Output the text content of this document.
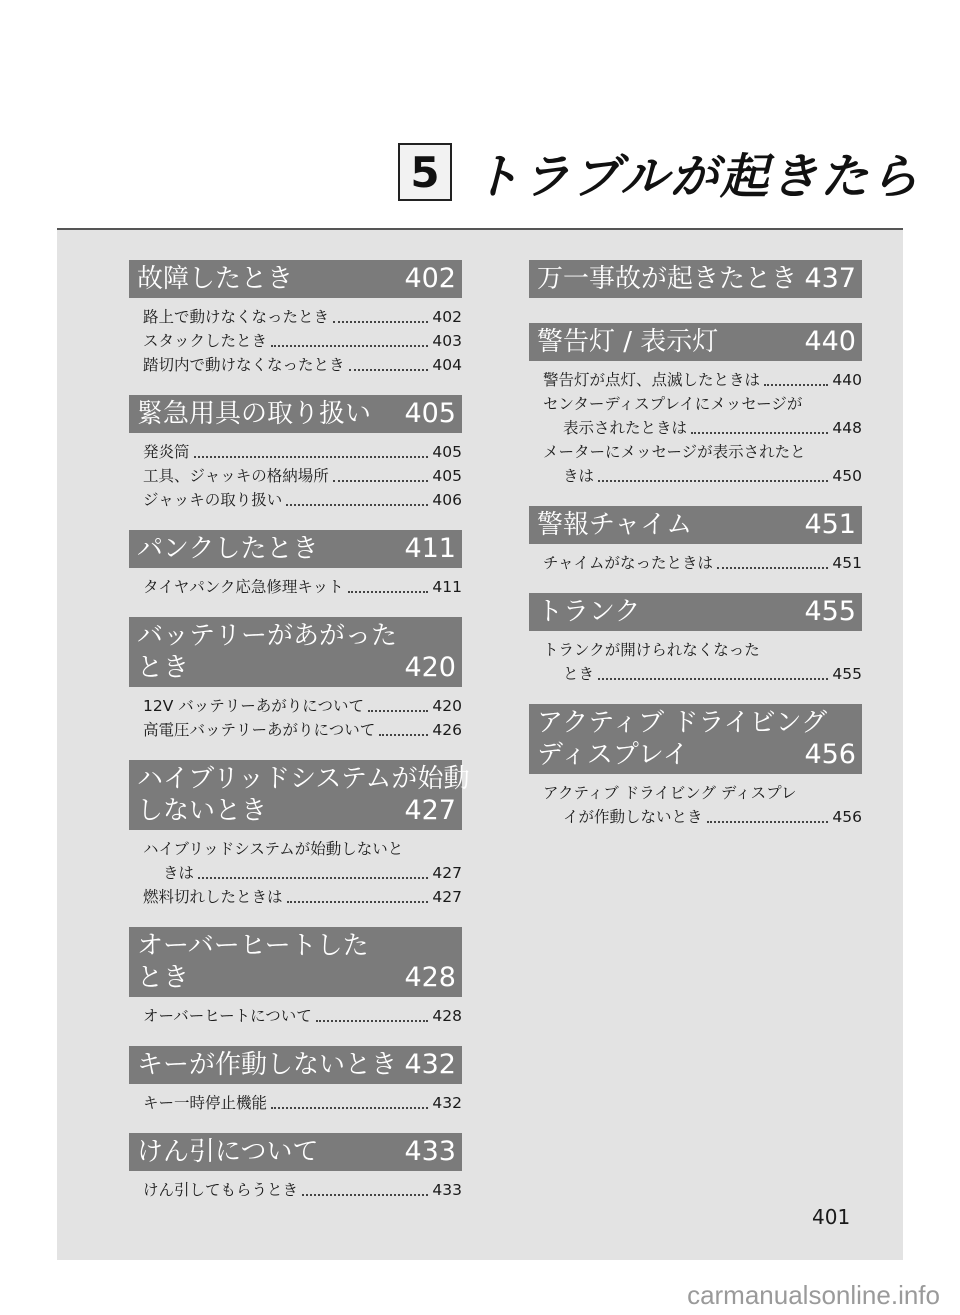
5 トラブルが起きたら
故障したとき	402
路上で動けなくなったとき	402
スタックしたとき	403
踏切内で動けなくなったとき	404
緊急用具の取り扱い 405
発炎筒	405
工具、ジャッキの格納場所	405
ジャッキの取り扱い	406
パンクしたとき	411
タイヤパンク応急修理キット	411
バッテリーがあがった
とき	420
12V バッテリーあがりについて	420
高電圧バッテリーあがりについて	426
ハイブリッドシステムが始動
しないとき	427
ハイブリッドシステムが始動しないと
きは	427
燃料切れしたときは	427
オーバーヒートした
とき	428
オーバーヒートについて	428
キーが作動しないとき 432
キー一時停止機能	432
けん引について	433
けん引してもらうとき	433
万一事故が起きたとき 437
警告灯 / 表示灯	440
警告灯が点灯、点滅したときは	440
センターディスプレイにメッセージが
表示されたときは	448
メーターにメッセージが表示されたと
きは	450
警報チャイム	451
チャイムがなったときは	451
トランク	455
トランクが開けられなくなった
とき	455
アクティブ ドライビング
ディスプレイ	456
アクティブ ドライビング ディスプレ
イが作動しないとき	456
401
carmanualsonline.info
